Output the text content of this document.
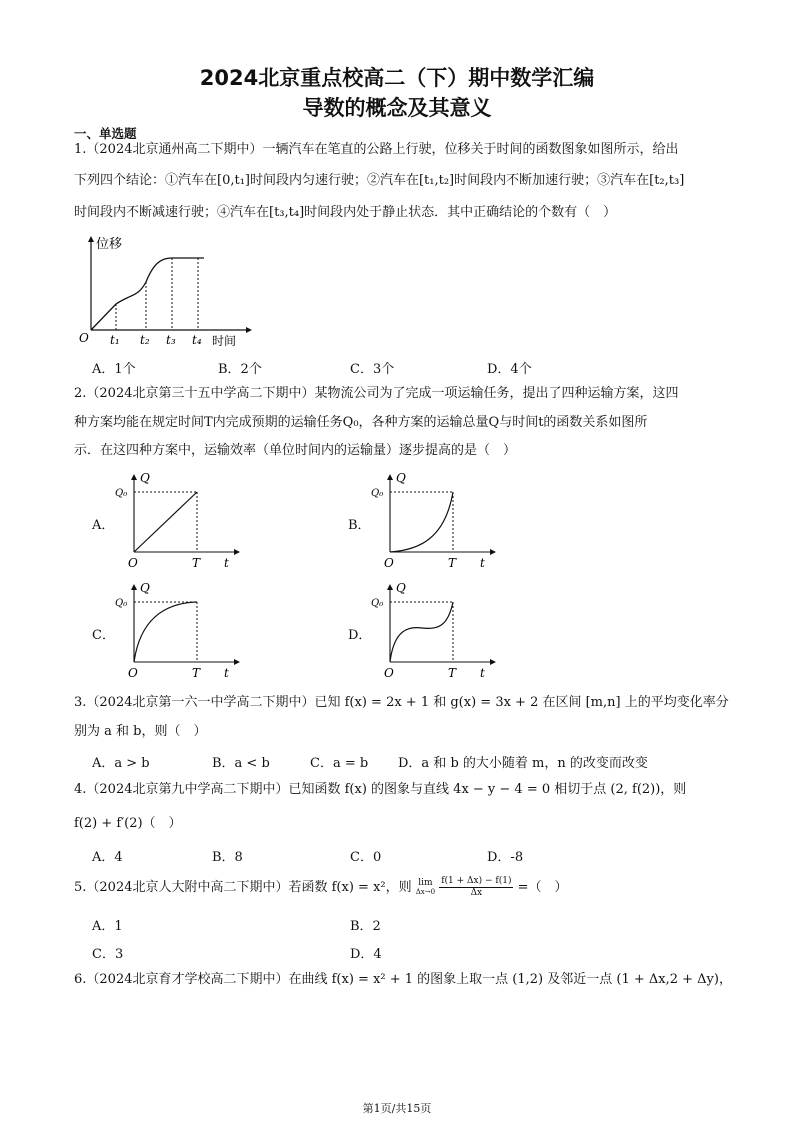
2024北京重点校高二（下）期中数学汇编
导数的概念及其意义
一、单选题
1.（2024北京通州高二下期中）一辆汽车在笔直的公路上行驶，位移关于时间的函数图象如图所示，给出
下列四个结论：①汽车在[0,t₁]时间段内匀速行驶；②汽车在[t₁,t₂]时间段内不断加速行驶；③汽车在[t₂,t₃]
时间段内不断减速行驶；④汽车在[t₃,t₄]时间段内处于静止状态．其中正确结论的个数有（　）
位移
O t₁ t₂ t₃ t₄ 时间
A．1个	B．2个	C．3个	D．4个
2.（2024北京第三十五中学高二下期中）某物流公司为了完成一项运输任务，提出了四种运输方案，这四
种方案均能在规定时间T内完成预期的运输任务Q₀，各种方案的运输总量Q与时间t的函数关系如图所
示．在这四种方案中，运输效率（单位时间内的运输量）逐步提高的是（　）
A．
Q
Q₀
O	T t
B．
Q
Q₀
O	T t
C．
Q
Q₀
O	T t
D．
Q
Q₀
O	T t
3.（2024北京第一六一中学高二下期中）已知 f(x) = 2x + 1 和 g(x) = 3x + 2 在区间 [m,n] 上的平均变化率分
别为 a 和 b，则（　）
A．a > b	B．a < b	C．a = b D．a 和 b 的大小随着 m，n 的改变而改变
4.（2024北京第九中学高二下期中）已知函数 f(x) 的图象与直线 4x − y − 4 = 0 相切于点 (2, f(2))，则
f(2) + f′(2)（　）
A．4	B．8	C．0	D．-8
5.（2024北京人大附中高二下期中）若函数 f(x) = x²，则 lim
$\Delta x\to 0 \frac{f(1 + \Delta x) - f(1)}{\Delta x}$ =（　）
A．1	B．2
C．3	D．4
6.（2024北京育才学校高二下期中）在曲线 f(x) = x² + 1 的图象上取一点 (1,2) 及邻近一点 (1 + Δx,2 + Δy)，
第1页/共15页
